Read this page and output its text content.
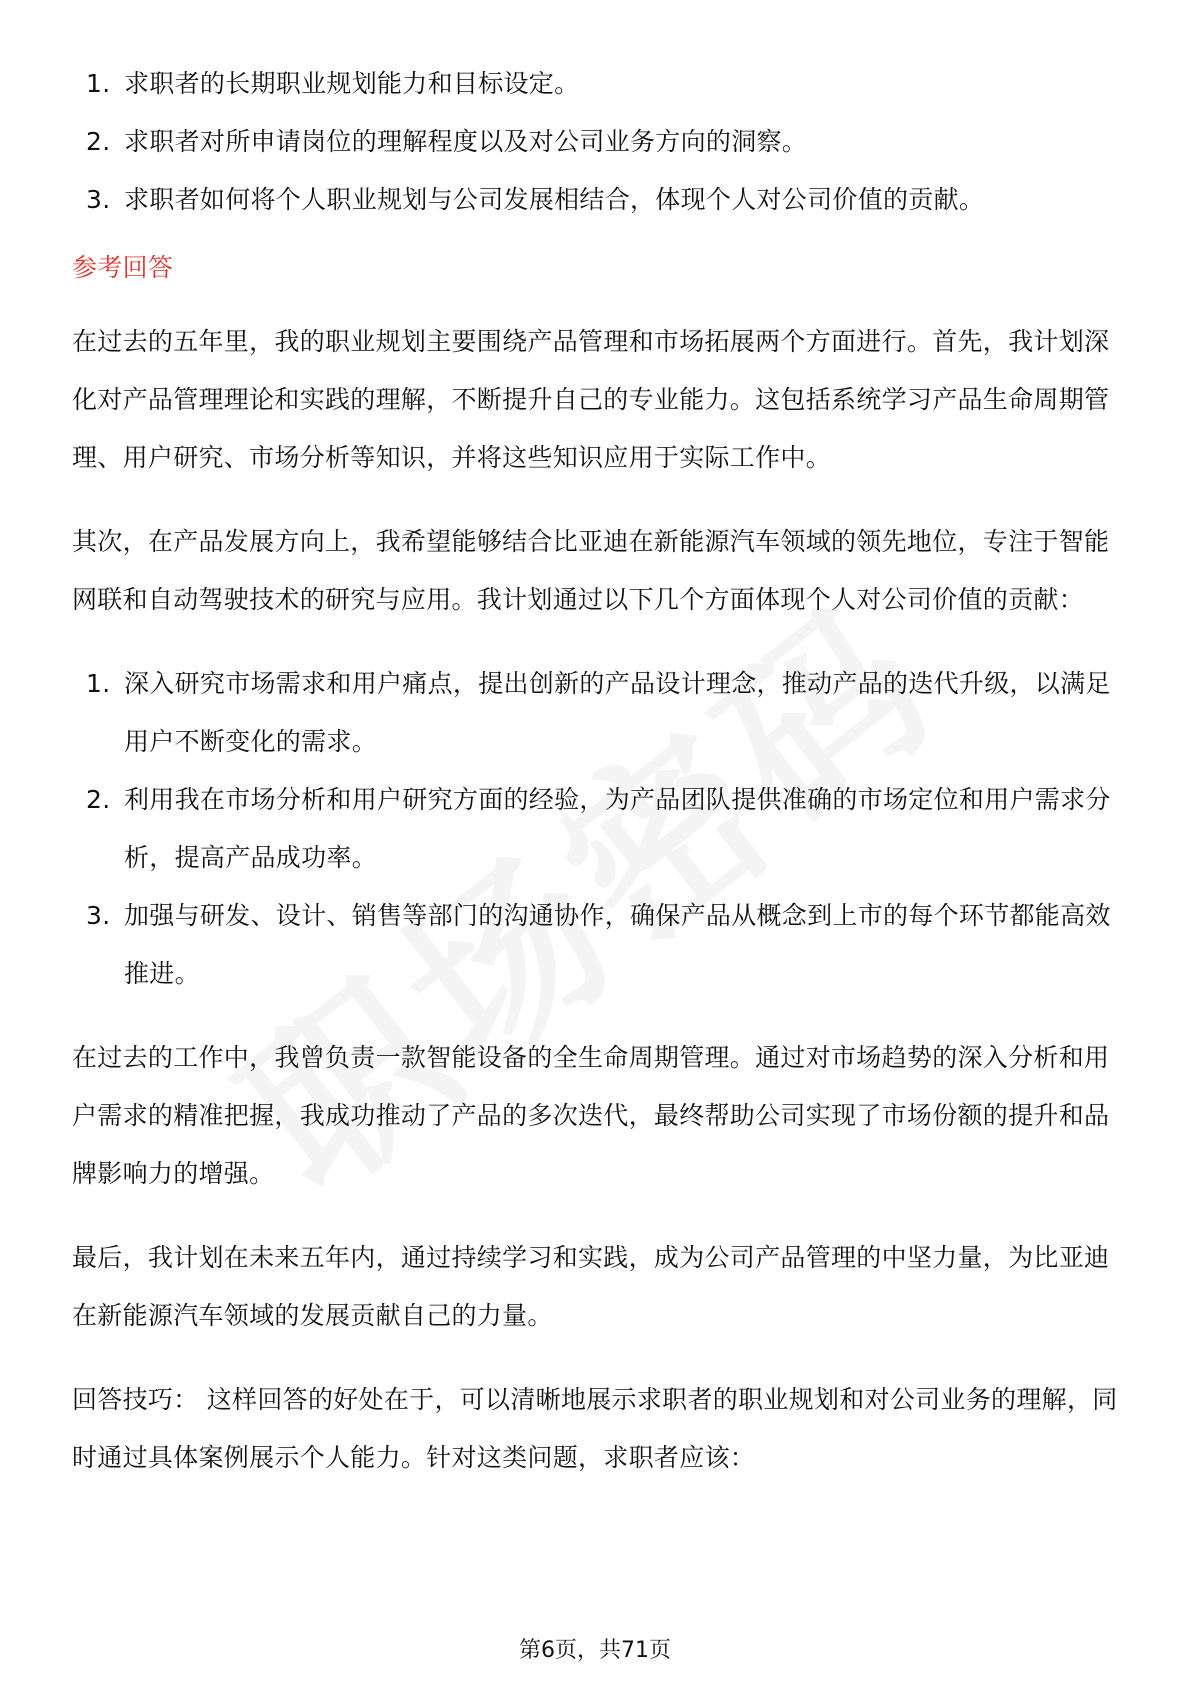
1. 求职者的长期职业规划能力和目标设定。
2. 求职者对所申请岗位的理解程度以及对公司业务方向的洞察。
3. 求职者如何将个人职业规划与公司发展相结合，体现个人对公司价值的贡献。
参考回答

在过去的五年里，我的职业规划主要围绕产品管理和市场拓展两个方面进行。首先，我计划深化对产品管理理论和实践的理解，不断提升自己的专业能力。这包括系统学习产品生命周期管理、用户研究、市场分析等知识，并将这些知识应用于实际工作中。

其次，在产品发展方向上，我希望能够结合比亚迪在新能源汽车领域的领先地位，专注于智能网联和自动驾驶技术的研究与应用。我计划通过以下几个方面体现个人对公司价值的贡献：

1. 深入研究市场需求和用户痛点，提出创新的产品设计理念，推动产品的迭代升级，以满足用户不断变化的需求。
2. 利用我在市场分析和用户研究方面的经验，为产品团队提供准确的市场定位和用户需求分析，提高产品成功率。
3. 加强与研发、设计、销售等部门的沟通协作，确保产品从概念到上市的每个环节都能高效推进。

在过去的工作中，我曾负责一款智能设备的全生命周期管理。通过对市场趋势的深入分析和用户需求的精准把握，我成功推动了产品的多次迭代，最终帮助公司实现了市场份额的提升和品牌影响力的增强。

最后，我计划在未来五年内，通过持续学习和实践，成为公司产品管理的中坚力量，为比亚迪在新能源汽车领域的发展贡献自己的力量。

回答技巧： 这样回答的好处在于，可以清晰地展示求职者的职业规划和对公司业务的理解，同时通过具体案例展示个人能力。针对这类问题，求职者应该：

第6页，共71页
